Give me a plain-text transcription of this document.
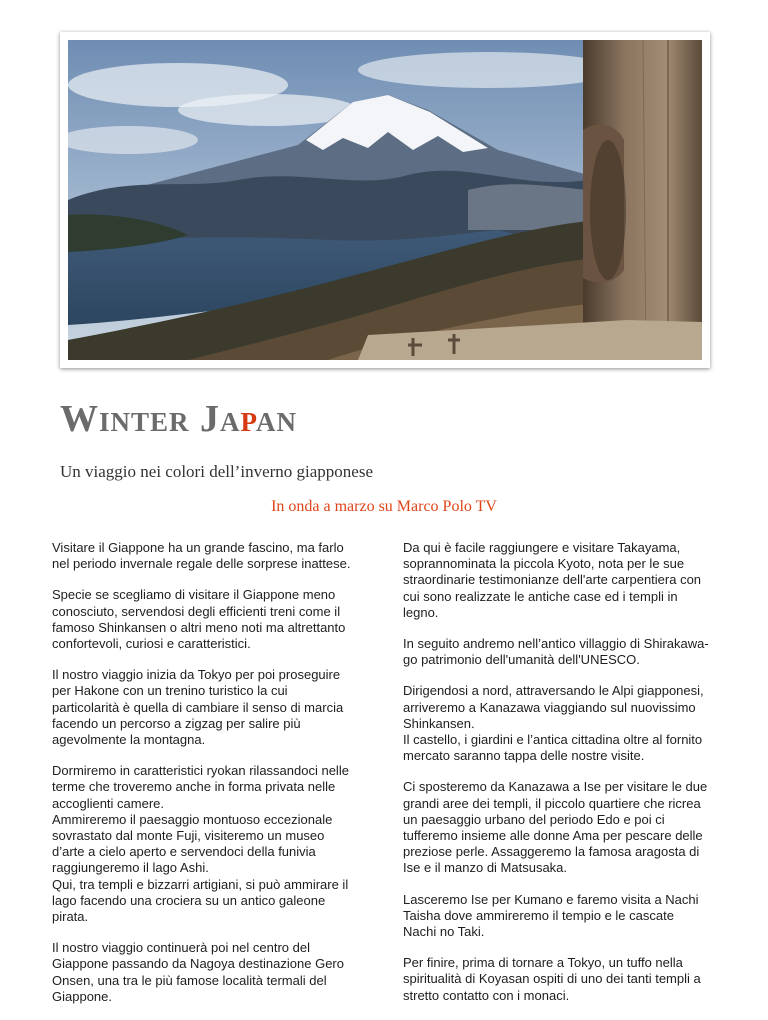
Winter Japan

Un viaggio nei colori dell’inverno giapponese

In onda a marzo su Marco Polo TV

Visitare il Giappone ha un grande fascino, ma farlo nel periodo invernale regale delle sorprese inattese.

Specie se scegliamo di visitare il Giappone meno conosciuto, servendosi degli efficienti treni come il famoso Shinkansen o altri meno noti ma altrettanto confortevoli, curiosi e caratteristici.

Il nostro viaggio inizia da Tokyo per poi proseguire per Hakone con un trenino turistico la cui particolarità è quella di cambiare il senso di marcia facendo un percorso a zigzag per salire più agevolmente la montagna.

Dormiremo in caratteristici ryokan rilassandoci nelle terme che troveremo anche in forma privata nelle accoglienti camere.
Ammireremo il paesaggio montuoso eccezionale sovrastato dal monte Fuji, visiteremo un museo d’arte a cielo aperto e servendoci della funivia raggiungeremo il lago Ashi.
Qui, tra templi e bizzarri artigiani, si può ammirare il lago facendo una crociera su un antico galeone pirata.

Il nostro viaggio continuerà poi nel centro del Giappone passando da Nagoya destinazione Gero Onsen, una tra le più famose località termali del Giappone.

Da qui è facile raggiungere e visitare Takayama, soprannominata la piccola Kyoto, nota per le sue straordinarie testimonianze dell'arte carpentiera con cui sono realizzate le antiche case ed i templi in legno.

In seguito andremo nell’antico villaggio di Shirakawa-go patrimonio dell'umanità dell'UNESCO.

Dirigendosi a nord, attraversando le Alpi giapponesi, arriveremo a Kanazawa viaggiando sul nuovissimo Shinkansen.
Il castello, i giardini e l’antica cittadina oltre al fornito mercato saranno tappa delle nostre visite.

Ci sposteremo da Kanazawa a Ise per visitare le due grandi aree dei templi, il piccolo quartiere che ricrea un paesaggio urbano del periodo Edo e poi ci tufferemo insieme alle donne Ama per pescare delle preziose perle. Assaggeremo la famosa aragosta di Ise e il manzo di Matsusaka.

Lasceremo Ise per Kumano e faremo visita a Nachi Taisha dove ammireremo il tempio e le cascate Nachi no Taki.

Per finire, prima di tornare a Tokyo, un tuffo nella spiritualità di Koyasan ospiti di uno dei tanti templi a stretto contatto con i monaci.
